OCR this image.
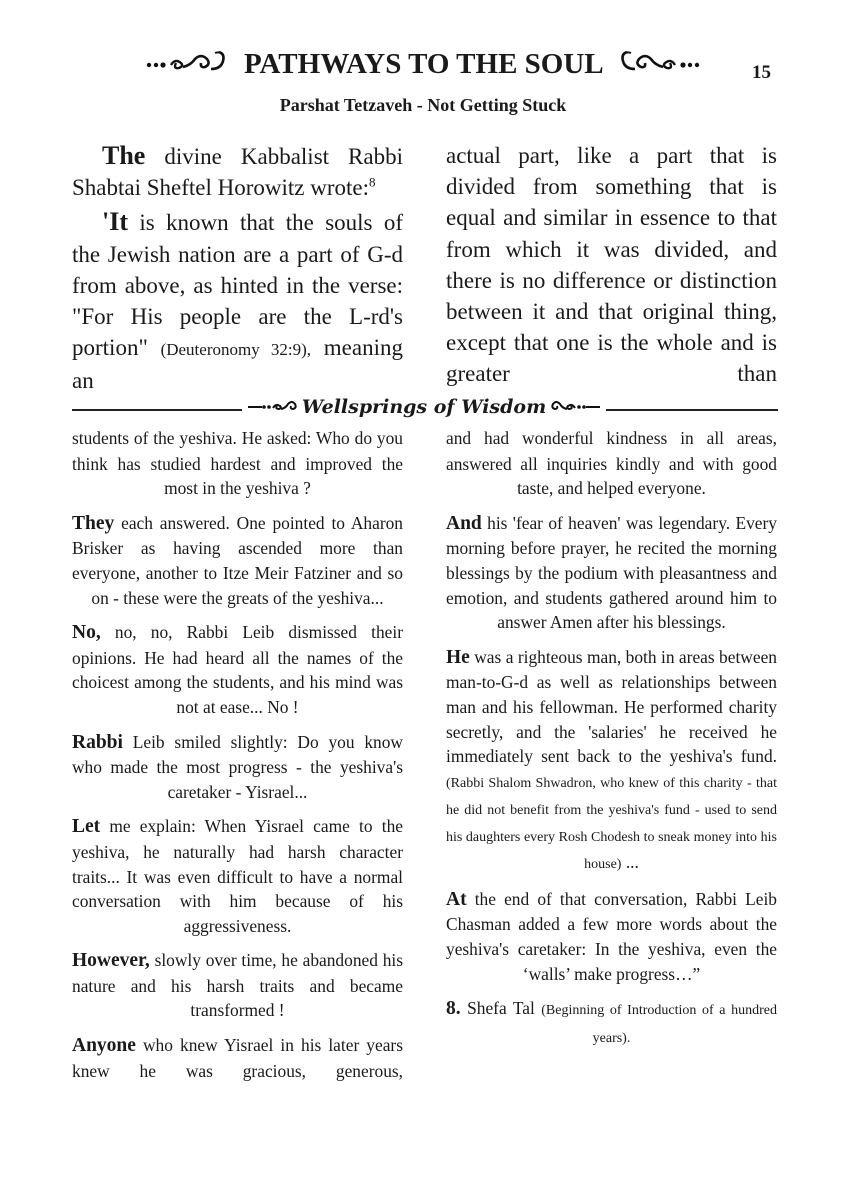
PATHWAYS TO THE SOUL	15
Parshat Tetzaveh - Not Getting Stuck

The divine Kabbalist Rabbi Shabtai Sheftel Horowitz wrote:$^8$

'It is known that the souls of the Jewish nation are a part of G-d from above, as hinted in the verse: "For His people are the L-rd's portion" (Deuteronomy 32:9), meaning an

actual part, like a part that is divided from something that is equal and similar in essence to that from which it was divided, and there is no difference or distinction between it and that original thing, except that one is the whole and is greater than

Wellsprings of Wisdom

students of the yeshiva. He asked: Who do you think has studied hardest and improved the most in the yeshiva ?

They each answered. One pointed to Aharon Brisker as having ascended more than everyone, another to Itze Meir Fatziner and so on - these were the greats of the yeshiva...

No, no, no, Rabbi Leib dismissed their opinions. He had heard all the names of the choicest among the students, and his mind was not at ease... No !

Rabbi Leib smiled slightly: Do you know who made the most progress - the yeshiva's caretaker - Yisrael...

Let me explain: When Yisrael came to the yeshiva, he naturally had harsh character traits... It was even difficult to have a normal conversation with him because of his aggressiveness.

However, slowly over time, he abandoned his nature and his harsh traits and became transformed !

Anyone who knew Yisrael in his later years knew he was gracious, generous,

and had wonderful kindness in all areas, answered all inquiries kindly and with good taste, and helped everyone.

And his 'fear of heaven' was legendary. Every morning before prayer, he recited the morning blessings by the podium with pleasantness and emotion, and students gathered around him to answer Amen after his blessings.

He was a righteous man, both in areas between man-to-G-d as well as relationships between man and his fellowman. He performed charity secretly, and the 'salaries' he received he immediately sent back to the yeshiva's fund. (Rabbi Shalom Shwadron, who knew of this charity - that he did not benefit from the yeshiva's fund - used to send his daughters every Rosh Chodesh to sneak money into his house) ...

At the end of that conversation, Rabbi Leib Chasman added a few more words about the yeshiva's caretaker: In the yeshiva, even the ‘walls’ make progress…”

8. Shefa Tal (Beginning of Introduction of a hundred years).
